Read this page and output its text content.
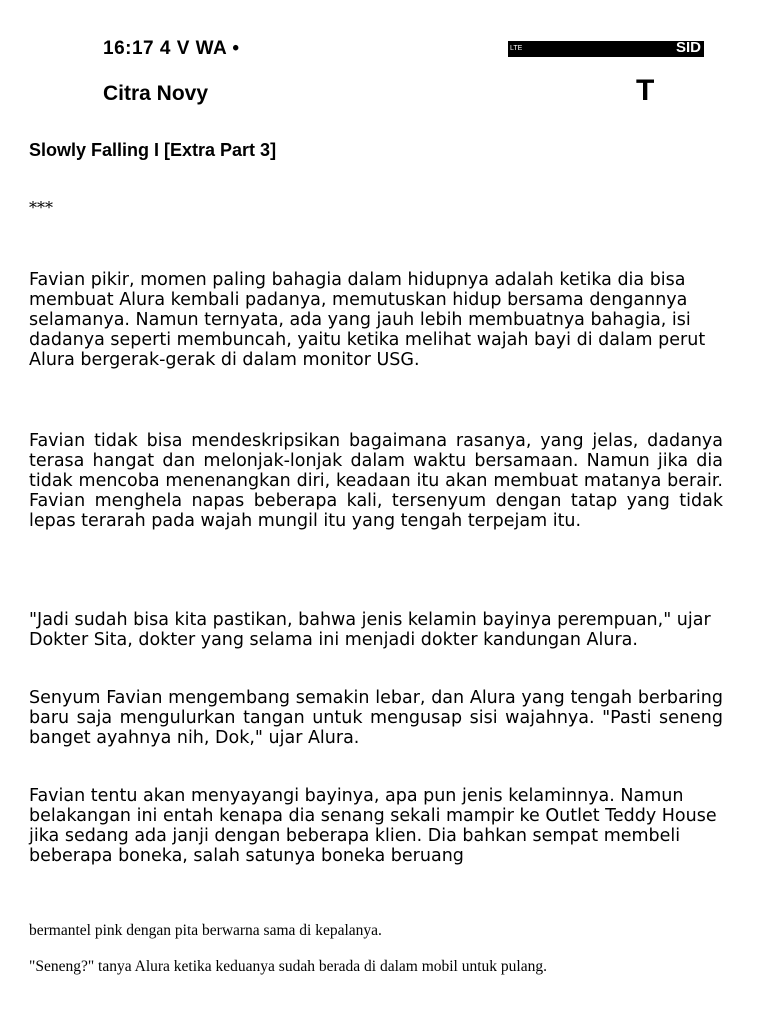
16:17 4 V WA •	LTE	SID
Citra Novy	T
Slowly Falling I [Extra Part 3]
***

Favian pikir, momen paling bahagia dalam hidupnya adalah ketika dia bisa membuat Alura kembali padanya, memutuskan hidup bersama dengannya selamanya. Namun ternyata, ada yang jauh lebih membuatnya bahagia, isi dadanya seperti membuncah, yaitu ketika melihat wajah bayi di dalam perut Alura bergerak-gerak di dalam monitor USG.

Favian tidak bisa mendeskripsikan bagaimana rasanya, yang jelas, dadanya terasa hangat dan melonjak-lonjak dalam waktu bersamaan. Namun jika dia tidak mencoba menenangkan diri, keadaan itu akan membuat matanya berair. Favian menghela napas beberapa kali, tersenyum dengan tatap yang tidak lepas terarah pada wajah mungil itu yang tengah terpejam itu.

"Jadi sudah bisa kita pastikan, bahwa jenis kelamin bayinya perempuan," ujar Dokter Sita, dokter yang selama ini menjadi dokter kandungan Alura.

Senyum Favian mengembang semakin lebar, dan Alura yang tengah berbaring baru saja mengulurkan tangan untuk mengusap sisi wajahnya. "Pasti seneng banget ayahnya nih, Dok," ujar Alura.

Favian tentu akan menyayangi bayinya, apa pun jenis kelaminnya. Namun belakangan ini entah kenapa dia senang sekali mampir ke Outlet Teddy House jika sedang ada janji dengan beberapa klien. Dia bahkan sempat membeli beberapa boneka, salah satunya boneka beruang

bermantel pink dengan pita berwarna sama di kepalanya.

"Seneng?" tanya Alura ketika keduanya sudah berada di dalam mobil untuk pulang.
